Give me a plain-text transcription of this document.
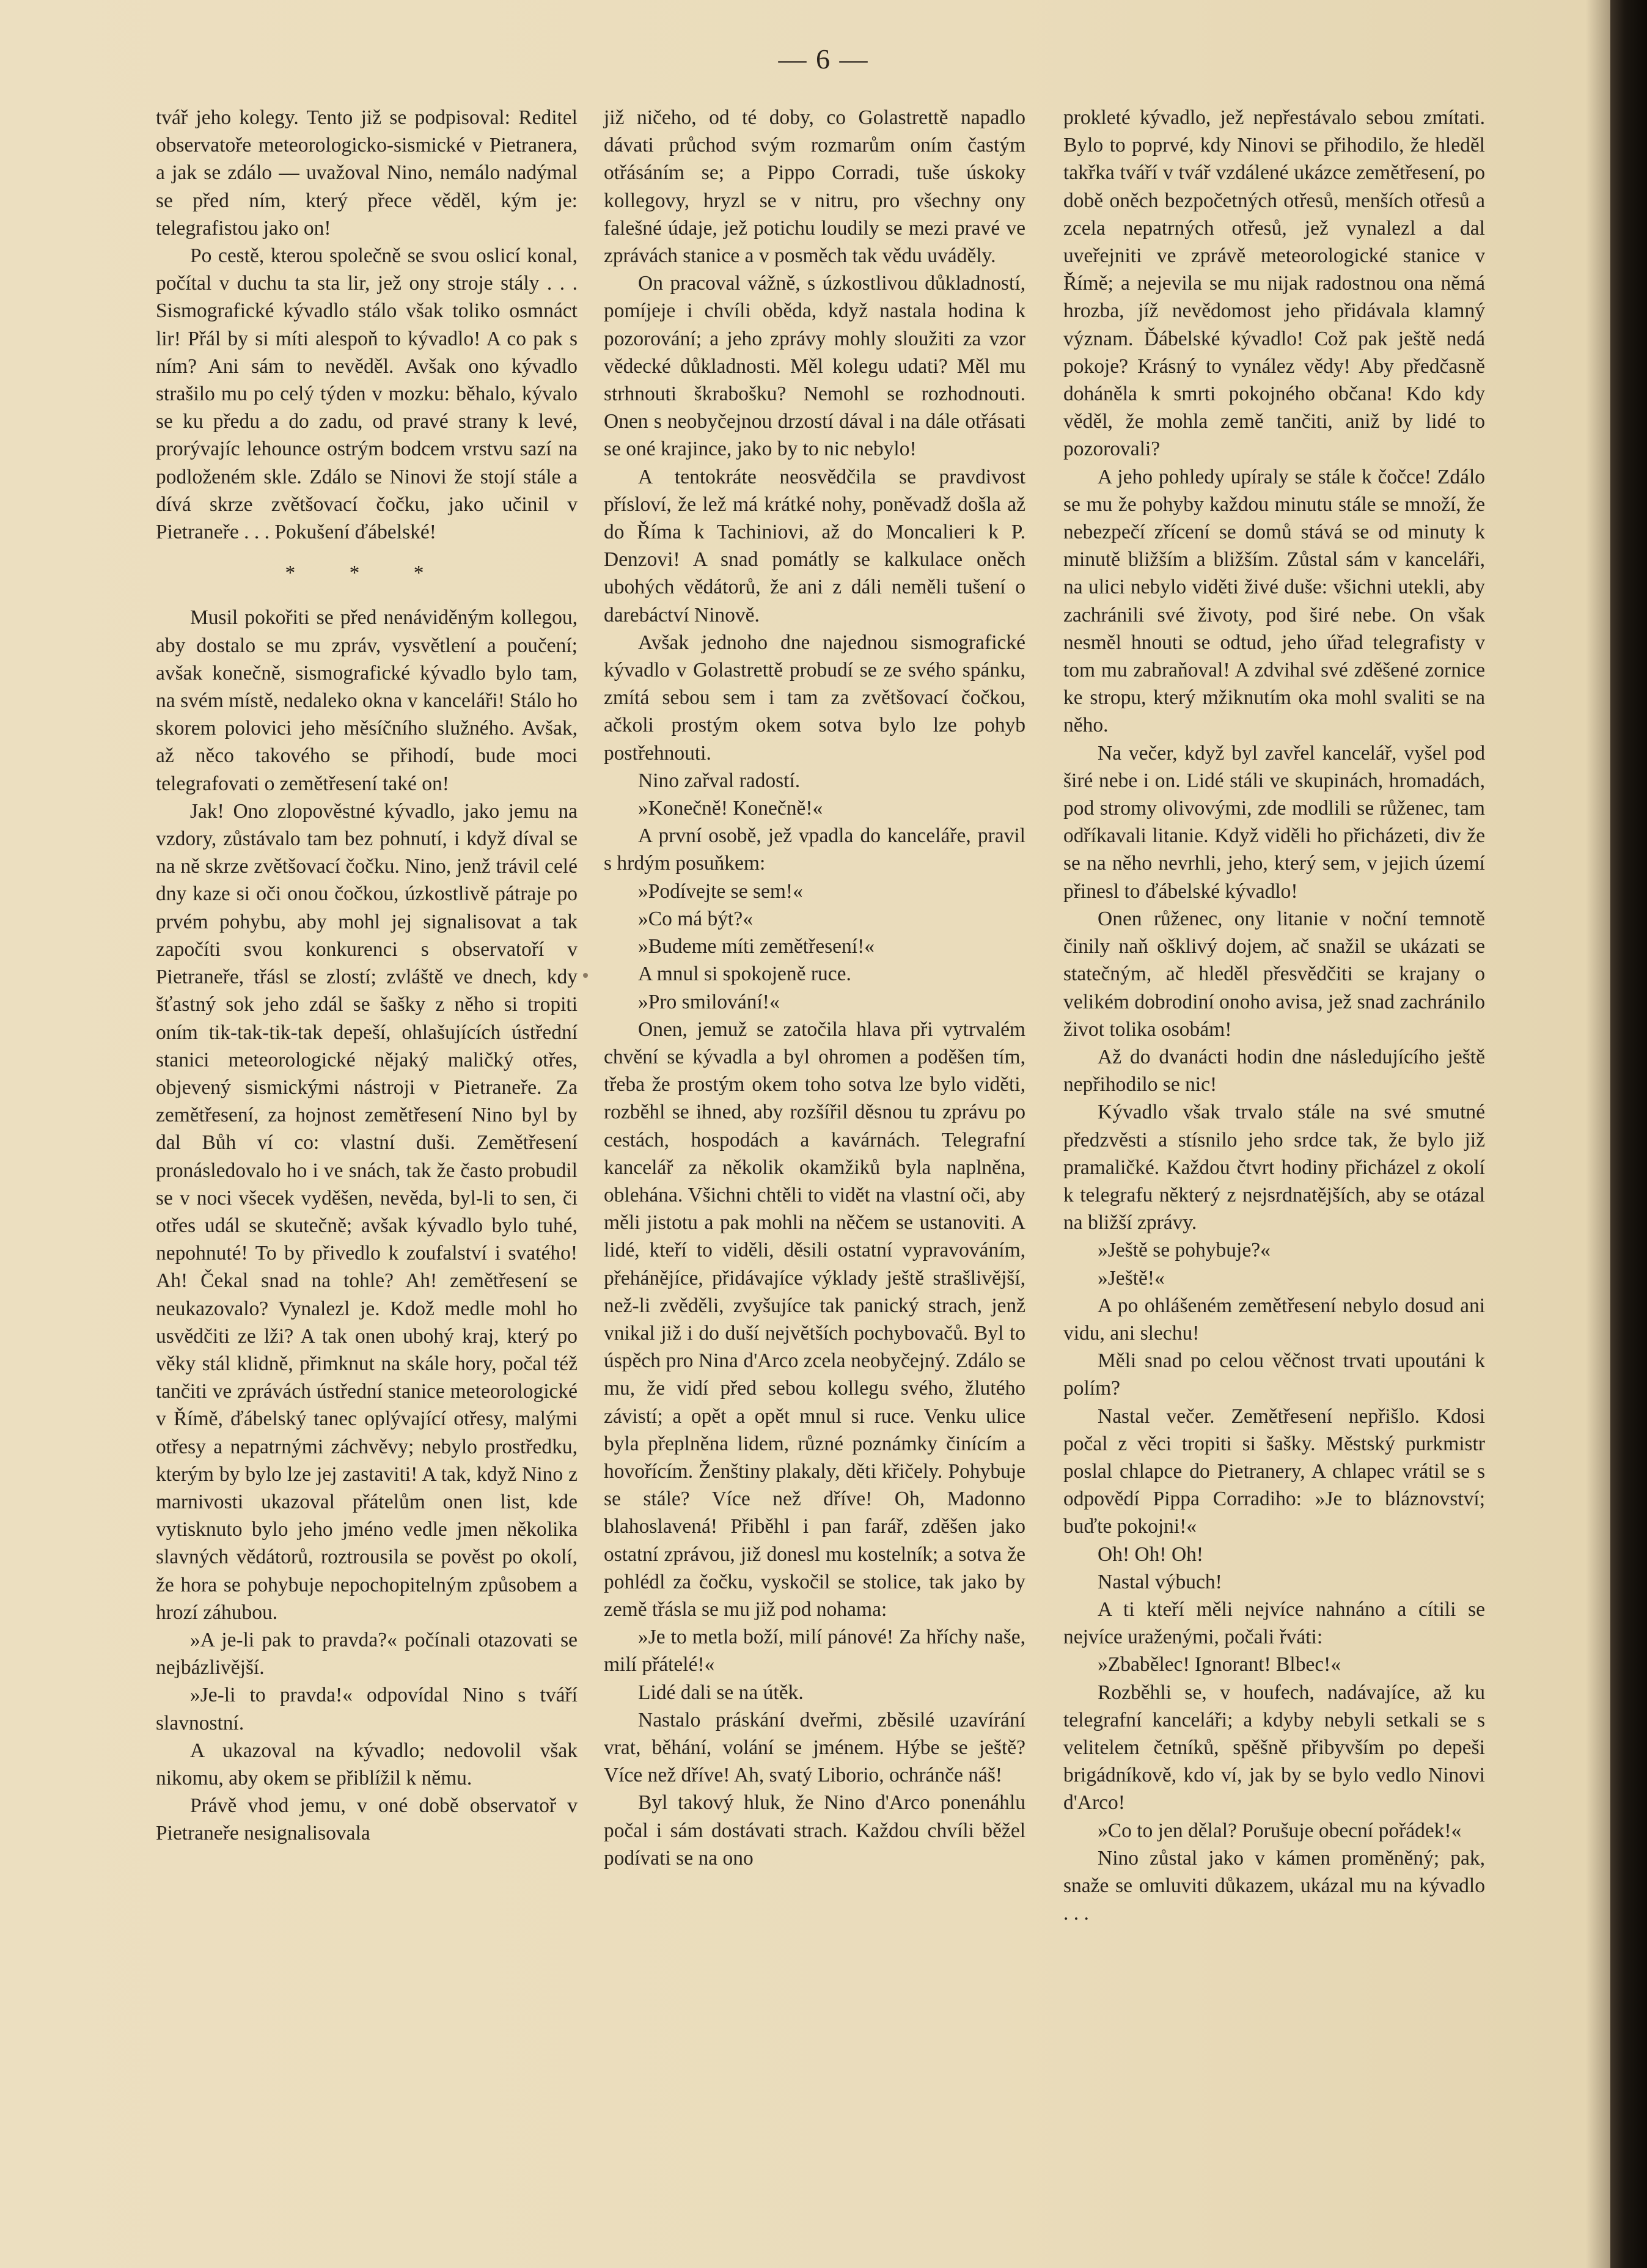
— 6 —

tvář jeho kolegy. Tento již se podpisoval: Reditel observatoře meteorologicko-sismické v Pietranera, a jak se zdálo — uvažoval Nino, nemálo nadýmal se před ním, který přece věděl, kým je: telegrafistou jako on!

Po cestě, kterou společně se svou oslicí konal, počítal v duchu ta sta lir, jež ony stroje stály . . . Sismografické kývadlo stálo však toliko osmnáct lir! Přál by si míti alespoň to kývadlo! A co pak s ním? Ani sám to nevěděl. Avšak ono kývadlo strašilo mu po celý týden v mozku: běhalo, kývalo se ku předu a do zadu, od pravé strany k levé, prorývajíc lehounce ostrým bodcem vrstvu sazí na podloženém skle. Zdálo se Ninovi že stojí stále a dívá skrze zvětšovací čočku, jako učinil v Pietraneře . . . Pokušení ďábelské!

* * *

Musil pokořiti se před nenáviděným kollegou, aby dostalo se mu zpráv, vysvětlení a poučení; avšak konečně, sismografické kývadlo bylo tam, na svém místě, nedaleko okna v kanceláři! Stálo ho skorem polovici jeho měsíčního služného. Avšak, až něco takového se přihodí, bude moci telegrafovati o zemětřesení také on!

Jak! Ono zlopověstné kývadlo, jako jemu na vzdory, zůstávalo tam bez pohnutí, i když díval se na ně skrze zvětšovací čočku. Nino, jenž trávil celé dny kaze si oči onou čočkou, úzkostlivě pátraje po prvém pohybu, aby mohl jej signalisovat a tak započíti svou konkurenci s observatoří v Pietraneře, třásl se zlostí; zvláště ve dnech, kdy šťastný sok jeho zdál se šašky z něho si tropiti oním tik-tak-tik-tak depeší, ohlašujících ústřední stanici meteorologické nějaký maličký otřes, objevený sismickými nástroji v Pietraneře. Za zemětřesení, za hojnost zemětřesení Nino byl by dal Bůh ví co: vlastní duši. Zemětřesení pronásledovalo ho i ve snách, tak že často probudil se v noci všecek vyděšen, nevěda, byl-li to sen, či otřes udál se skutečně; avšak kývadlo bylo tuhé, nepohnuté! To by přivedlo k zoufalství i svatého! Ah! Čekal snad na tohle? Ah! zemětřesení se neukazovalo? Vynalezl je. Kdož medle mohl ho usvědčiti ze lži? A tak onen ubohý kraj, který po věky stál klidně, přimknut na skále hory, počal též tančiti ve zprávách ústřední stanice meteorologické v Římě, ďábelský tanec oplývající otřesy, malými otřesy a nepatrnými záchvěvy; nebylo prostředku, kterým by bylo lze jej zastaviti! A tak, když Nino z marnivosti ukazoval přátelům onen list, kde vytisknuto bylo jeho jméno vedle jmen několika slavných vědátorů, roztrousila se pověst po okolí, že hora se pohybuje nepochopitelným způsobem a hrozí záhubou.

»A je-li pak to pravda?« počínali otazovati se nejbázlivější.

»Je-li to pravda!« odpovídal Nino s tváří slavnostní.

A ukazoval na kývadlo; nedovolil však nikomu, aby okem se přiblížil k němu.

Právě vhod jemu, v oné době observatoř v Pietraneře nesignalisovala

již ničeho, od té doby, co Golastrettě napadlo dávati průchod svým rozmarům oním častým otřásáním se; a Pippo Corradi, tuše úskoky kollegovy, hryzl se v nitru, pro všechny ony falešné údaje, jež potichu loudily se mezi pravé ve zprávách stanice a v posměch tak vědu uváděly.

On pracoval vážně, s úzkostlivou důkladností, pomíjeje i chvíli oběda, když nastala hodina k pozorování; a jeho zprávy mohly sloužiti za vzor vědecké důkladnosti. Měl kolegu udati? Měl mu strhnouti škrabošku? Nemohl se rozhodnouti. Onen s neobyčejnou drzostí dával i na dále otřásati se oné krajince, jako by to nic nebylo!

A tentokráte neosvědčila se pravdivost přísloví, že lež má krátké nohy, poněvadž došla až do Říma k Tachiniovi, až do Moncalieri k P. Denzovi! A snad pomátly se kalkulace oněch ubohých vědátorů, že ani z dáli neměli tušení o darebáctví Ninově.

Avšak jednoho dne najednou sismografické kývadlo v Golastrettě probudí se ze svého spánku, zmítá sebou sem i tam za zvětšovací čočkou, ačkoli prostým okem sotva bylo lze pohyb postřehnouti.

Nino zařval radostí.

»Konečně! Konečně!«

A první osobě, jež vpadla do kanceláře, pravil s hrdým posuňkem:

»Podívejte se sem!«

»Co má být?«

»Budeme míti zemětřesení!«

A mnul si spokojeně ruce.

»Pro smilování!«

Onen, jemuž se zatočila hlava při vytrvalém chvění se kývadla a byl ohromen a poděšen tím, třeba že prostým okem toho sotva lze bylo viděti, rozběhl se ihned, aby rozšířil děsnou tu zprávu po cestách, hospodách a kavárnách. Telegrafní kancelář za několik okamžiků byla naplněna, oblehána. Všichni chtěli to vidět na vlastní oči, aby měli jistotu a pak mohli na něčem se ustanoviti. A lidé, kteří to viděli, děsili ostatní vypravováním, přehánějíce, přidávajíce výklady ještě strašlivější, než-li zvěděli, zvyšujíce tak panický strach, jenž vnikal již i do duší největších pochybovačů. Byl to úspěch pro Nina d'Arco zcela neobyčejný. Zdálo se mu, že vidí před sebou kollegu svého, žlutého závistí; a opět a opět mnul si ruce. Venku ulice byla přeplněna lidem, různé poznámky činícím a hovořícím. Ženštiny plakaly, děti křičely. Pohybuje se stále? Více než dříve! Oh, Madonno blahoslavená! Přiběhl i pan farář, zděšen jako ostatní zprávou, již donesl mu kostelník; a sotva že pohlédl za čočku, vyskočil se stolice, tak jako by země třásla se mu již pod nohama:

»Je to metla boží, milí pánové! Za hříchy naše, milí přátelé!«

Lidé dali se na útěk.

Nastalo práskání dveřmi, zběsilé uzavírání vrat, běhání, volání se jménem. Hýbe se ještě? Více než dříve! Ah, svatý Liborio, ochránče náš!

Byl takový hluk, že Nino d'Arco ponenáhlu počal i sám dostávati strach. Každou chvíli běžel podívati se na ono

prokleté kývadlo, jež nepřestávalo sebou zmítati. Bylo to poprvé, kdy Ninovi se přihodilo, že hleděl takřka tváří v tvář vzdálené ukázce zemětřesení, po době oněch bezpočetných otřesů, menších otřesů a zcela nepatrných otřesů, jež vynalezl a dal uveřejniti ve zprávě meteorologické stanice v Římě; a nejevila se mu nijak radostnou ona němá hrozba, jíž nevědomost jeho přidávala klamný význam. Ďábelské kývadlo! Což pak ještě nedá pokoje? Krásný to vynález vědy! Aby předčasně doháněla k smrti pokojného občana! Kdo kdy věděl, že mohla země tančiti, aniž by lidé to pozorovali?

A jeho pohledy upíraly se stále k čočce! Zdálo se mu že pohyby každou minutu stále se množí, že nebezpečí zřícení se domů stává se od minuty k minutě bližším a bližším. Zůstal sám v kanceláři, na ulici nebylo viděti živé duše: všichni utekli, aby zachránili své životy, pod širé nebe. On však nesměl hnouti se odtud, jeho úřad telegrafisty v tom mu zabraňoval! A zdvihal své zděšené zornice ke stropu, který mžiknutím oka mohl svaliti se na něho.

Na večer, když byl zavřel kancelář, vyšel pod širé nebe i on. Lidé stáli ve skupinách, hromadách, pod stromy olivovými, zde modlili se růženec, tam odříkavali litanie. Když viděli ho přicházeti, div že se na něho nevrhli, jeho, který sem, v jejich území přinesl to ďábelské kývadlo!

Onen růženec, ony litanie v noční temnotě činily naň ošklivý dojem, ač snažil se ukázati se statečným, ač hleděl přesvědčiti se krajany o velikém dobrodiní onoho avisa, jež snad zachránilo život tolika osobám!

Až do dvanácti hodin dne následujícího ještě nepřihodilo se nic!

Kývadlo však trvalo stále na své smutné předzvěsti a stísnilo jeho srdce tak, že bylo již pramaličké. Každou čtvrt hodiny přicházel z okolí k telegrafu některý z nejsrdnatějších, aby se otázal na bližší zprávy.

»Ještě se pohybuje?«

»Ještě!«

A po ohlášeném zemětřesení nebylo dosud ani vidu, ani slechu!

Měli snad po celou věčnost trvati upoutáni k polím?

Nastal večer. Zemětřesení nepřišlo. Kdosi počal z věci tropiti si šašky. Městský purkmistr poslal chlapce do Pietranery, A chlapec vrátil se s odpovědí Pippa Corradiho: »Je to bláznovství; buďte pokojni!«

Oh! Oh! Oh!

Nastal výbuch!

A ti kteří měli nejvíce nahnáno a cítili se nejvíce uraženými, počali řváti:

»Zbabělec! Ignorant! Blbec!«

Rozběhli se, v houfech, nadávajíce, až ku telegrafní kanceláři; a kdyby nebyli setkali se s velitelem četníků, spěšně přibyvším po depeši brigádníkově, kdo ví, jak by se bylo vedlo Ninovi d'Arco!

»Co to jen dělal? Porušuje obecní pořádek!«

Nino zůstal jako v kámen proměněný; pak, snaže se omluviti důkazem, ukázal mu na kývadlo . . .
